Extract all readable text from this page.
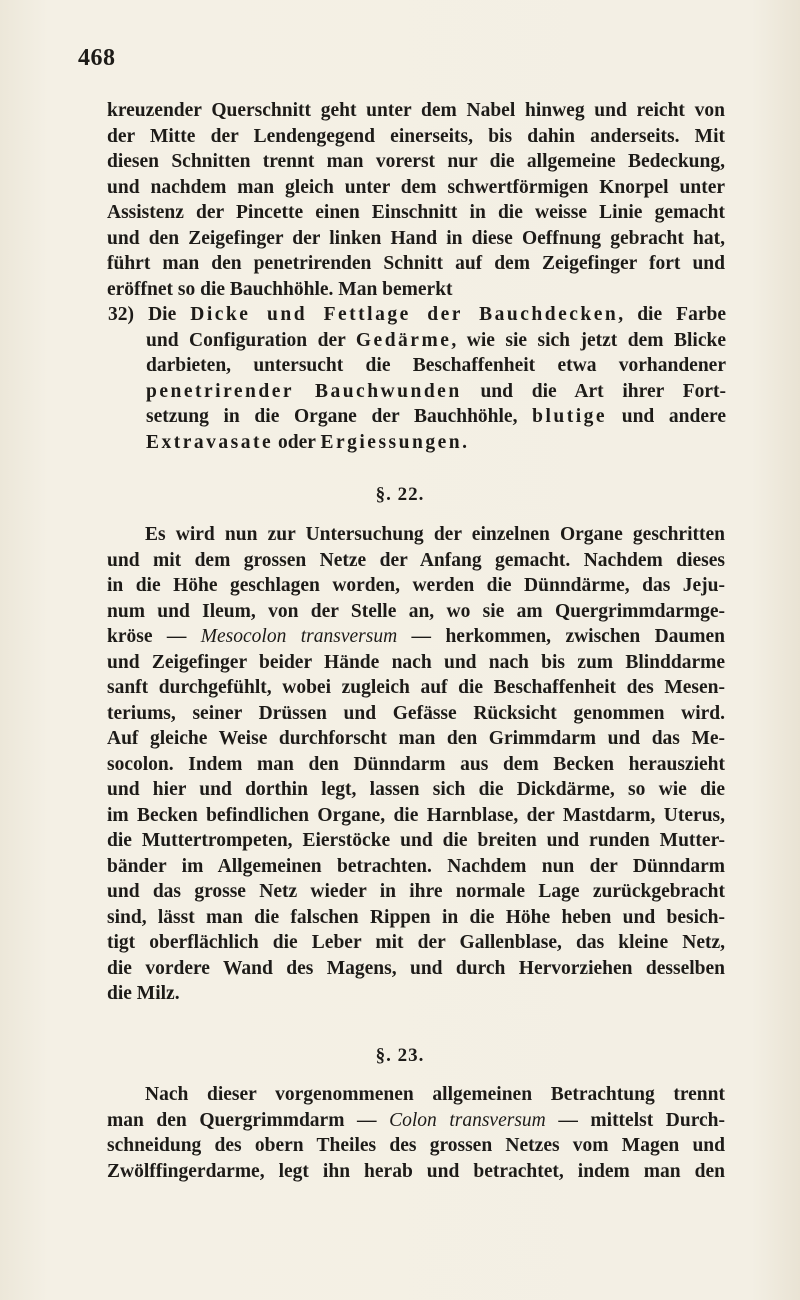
468
kreuzender Querschnitt geht unter dem Nabel hinweg und reicht von
der Mitte der Lendengegend einerseits, bis dahin anderseits. Mit
diesen Schnitten trennt man vorerst nur die allgemeine Bedeckung,
und nachdem man gleich unter dem schwertförmigen Knorpel unter
Assistenz der Pincette einen Einschnitt in die weisse Linie gemacht
und den Zeigefinger der linken Hand in diese Oeffnung gebracht hat,
führt man den penetrirenden Schnitt auf dem Zeigefinger fort und
eröffnet so die Bauchhöhle. Man bemerkt
32) Die Dicke und Fettlage der Bauchdecken, die Farbe
und Configuration der Gedärme, wie sie sich jetzt dem Blicke
darbieten, untersucht die Beschaffenheit etwa vorhandener
penetrirender Bauchwunden und die Art ihrer Fort-
setzung in die Organe der Bauchhöhle, blutige und andere
Extravasate oder Ergiessungen.
§. 22.
Es wird nun zur Untersuchung der einzelnen Organe geschritten
und mit dem grossen Netze der Anfang gemacht. Nachdem dieses
in die Höhe geschlagen worden, werden die Dünndärme, das Jeju-
num und Ileum, von der Stelle an, wo sie am Quergrimmdarmge-
kröse — Mesocolon transversum — herkommen, zwischen Daumen
und Zeigefinger beider Hände nach und nach bis zum Blinddarme
sanft durchgefühlt, wobei zugleich auf die Beschaffenheit des Mesen-
teriums, seiner Drüssen und Gefässe Rücksicht genommen wird.
Auf gleiche Weise durchforscht man den Grimmdarm und das Me-
socolon. Indem man den Dünndarm aus dem Becken herauszieht
und hier und dorthin legt, lassen sich die Dickdärme, so wie die
im Becken befindlichen Organe, die Harnblase, der Mastdarm, Uterus,
die Muttertrompeten, Eierstöcke und die breiten und runden Mutter-
bänder im Allgemeinen betrachten. Nachdem nun der Dünndarm
und das grosse Netz wieder in ihre normale Lage zurückgebracht
sind, lässt man die falschen Rippen in die Höhe heben und besich-
tigt oberflächlich die Leber mit der Gallenblase, das kleine Netz,
die vordere Wand des Magens, und durch Hervorziehen desselben
die Milz.
§. 23.
Nach dieser vorgenommenen allgemeinen Betrachtung trennt
man den Quergrimmdarm — Colon transversum — mittelst Durch-
schneidung des obern Theiles des grossen Netzes vom Magen und
Zwölffingerdarme, legt ihn herab und betrachtet, indem man den
